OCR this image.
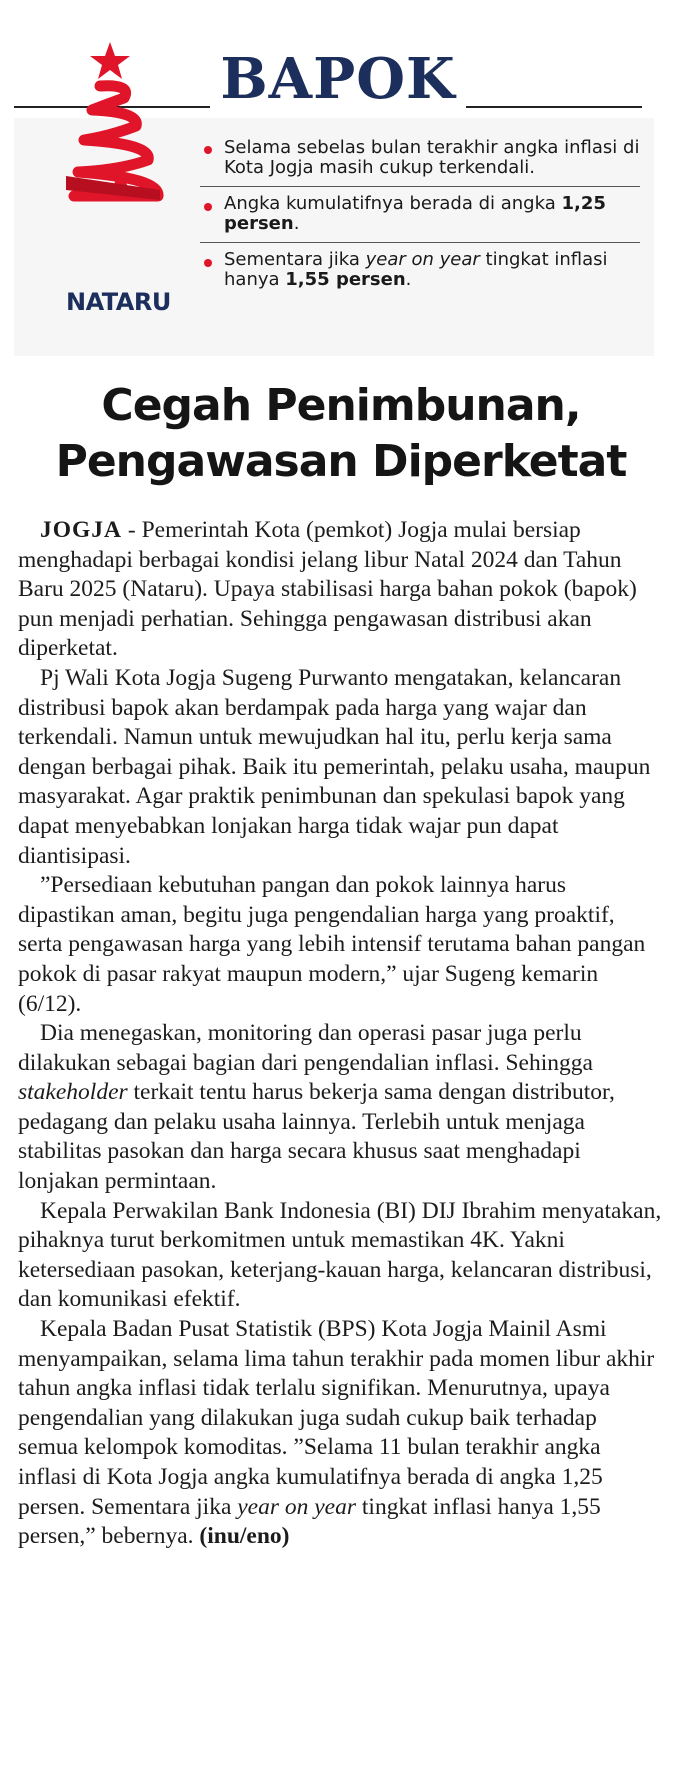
BAPOK
NATARU
Selama sebelas bulan terakhir angka inflasi di Kota Jogja masih cukup terkendali.
Angka kumulatifnya berada di angka 1,25 persen.
Sementara jika year on year tingkat inflasi hanya 1,55 persen.
Cegah Penimbunan,
Pengawasan Diperketat

JOGJA - Pemerintah Kota (pemkot) Jogja mulai bersiap menghadapi berbagai kondisi jelang libur Natal 2024 dan Tahun Baru 2025 (Nataru). Upaya stabilisasi harga bahan pokok (bapok) pun menjadi perhatian. Sehingga pengawasan distribusi akan diperketat.

Pj Wali Kota Jogja Sugeng Purwanto mengatakan, kelancaran distribusi bapok akan berdampak pada harga yang wajar dan terkendali. Namun untuk mewujudkan hal itu, perlu kerja sama dengan berbagai pihak. Baik itu pemerintah, pelaku usaha, maupun masyarakat. Agar praktik penimbunan dan spekulasi bapok yang dapat menyebabkan lonjakan harga tidak wajar pun dapat diantisipasi.

”Persediaan kebutuhan pangan dan pokok lainnya harus dipastikan aman, begitu juga pengendalian harga yang proaktif, serta pengawasan harga yang lebih intensif terutama bahan pangan pokok di pasar rakyat maupun modern,” ujar Sugeng kemarin (6/12).

Dia menegaskan, monitoring dan operasi pasar juga perlu dilakukan sebagai bagian dari pengendalian inflasi. Sehingga stakeholder terkait tentu harus bekerja sama dengan distributor, pedagang dan pelaku usaha lainnya. Terlebih untuk menjaga stabilitas pasokan dan harga secara khusus saat menghadapi lonjakan permintaan.

Kepala Perwakilan Bank Indonesia (BI) DIJ Ibrahim menyatakan, pihaknya turut berkomitmen untuk memastikan 4K. Yakni ketersediaan pasokan, keterjang-kauan harga, kelancaran distribusi, dan komunikasi efektif.

Kepala Badan Pusat Statistik (BPS) Kota Jogja Mainil Asmi menyampaikan, selama lima tahun terakhir pada momen libur akhir tahun angka inflasi tidak terlalu signifikan. Menurutnya, upaya pengendalian yang dilakukan juga sudah cukup baik terhadap semua kelompok komoditas. ”Selama 11 bulan terakhir angka inflasi di Kota Jogja angka kumulatifnya berada di angka 1,25 persen. Sementara jika year on year tingkat inflasi hanya 1,55 persen,” bebernya. (inu/eno)
